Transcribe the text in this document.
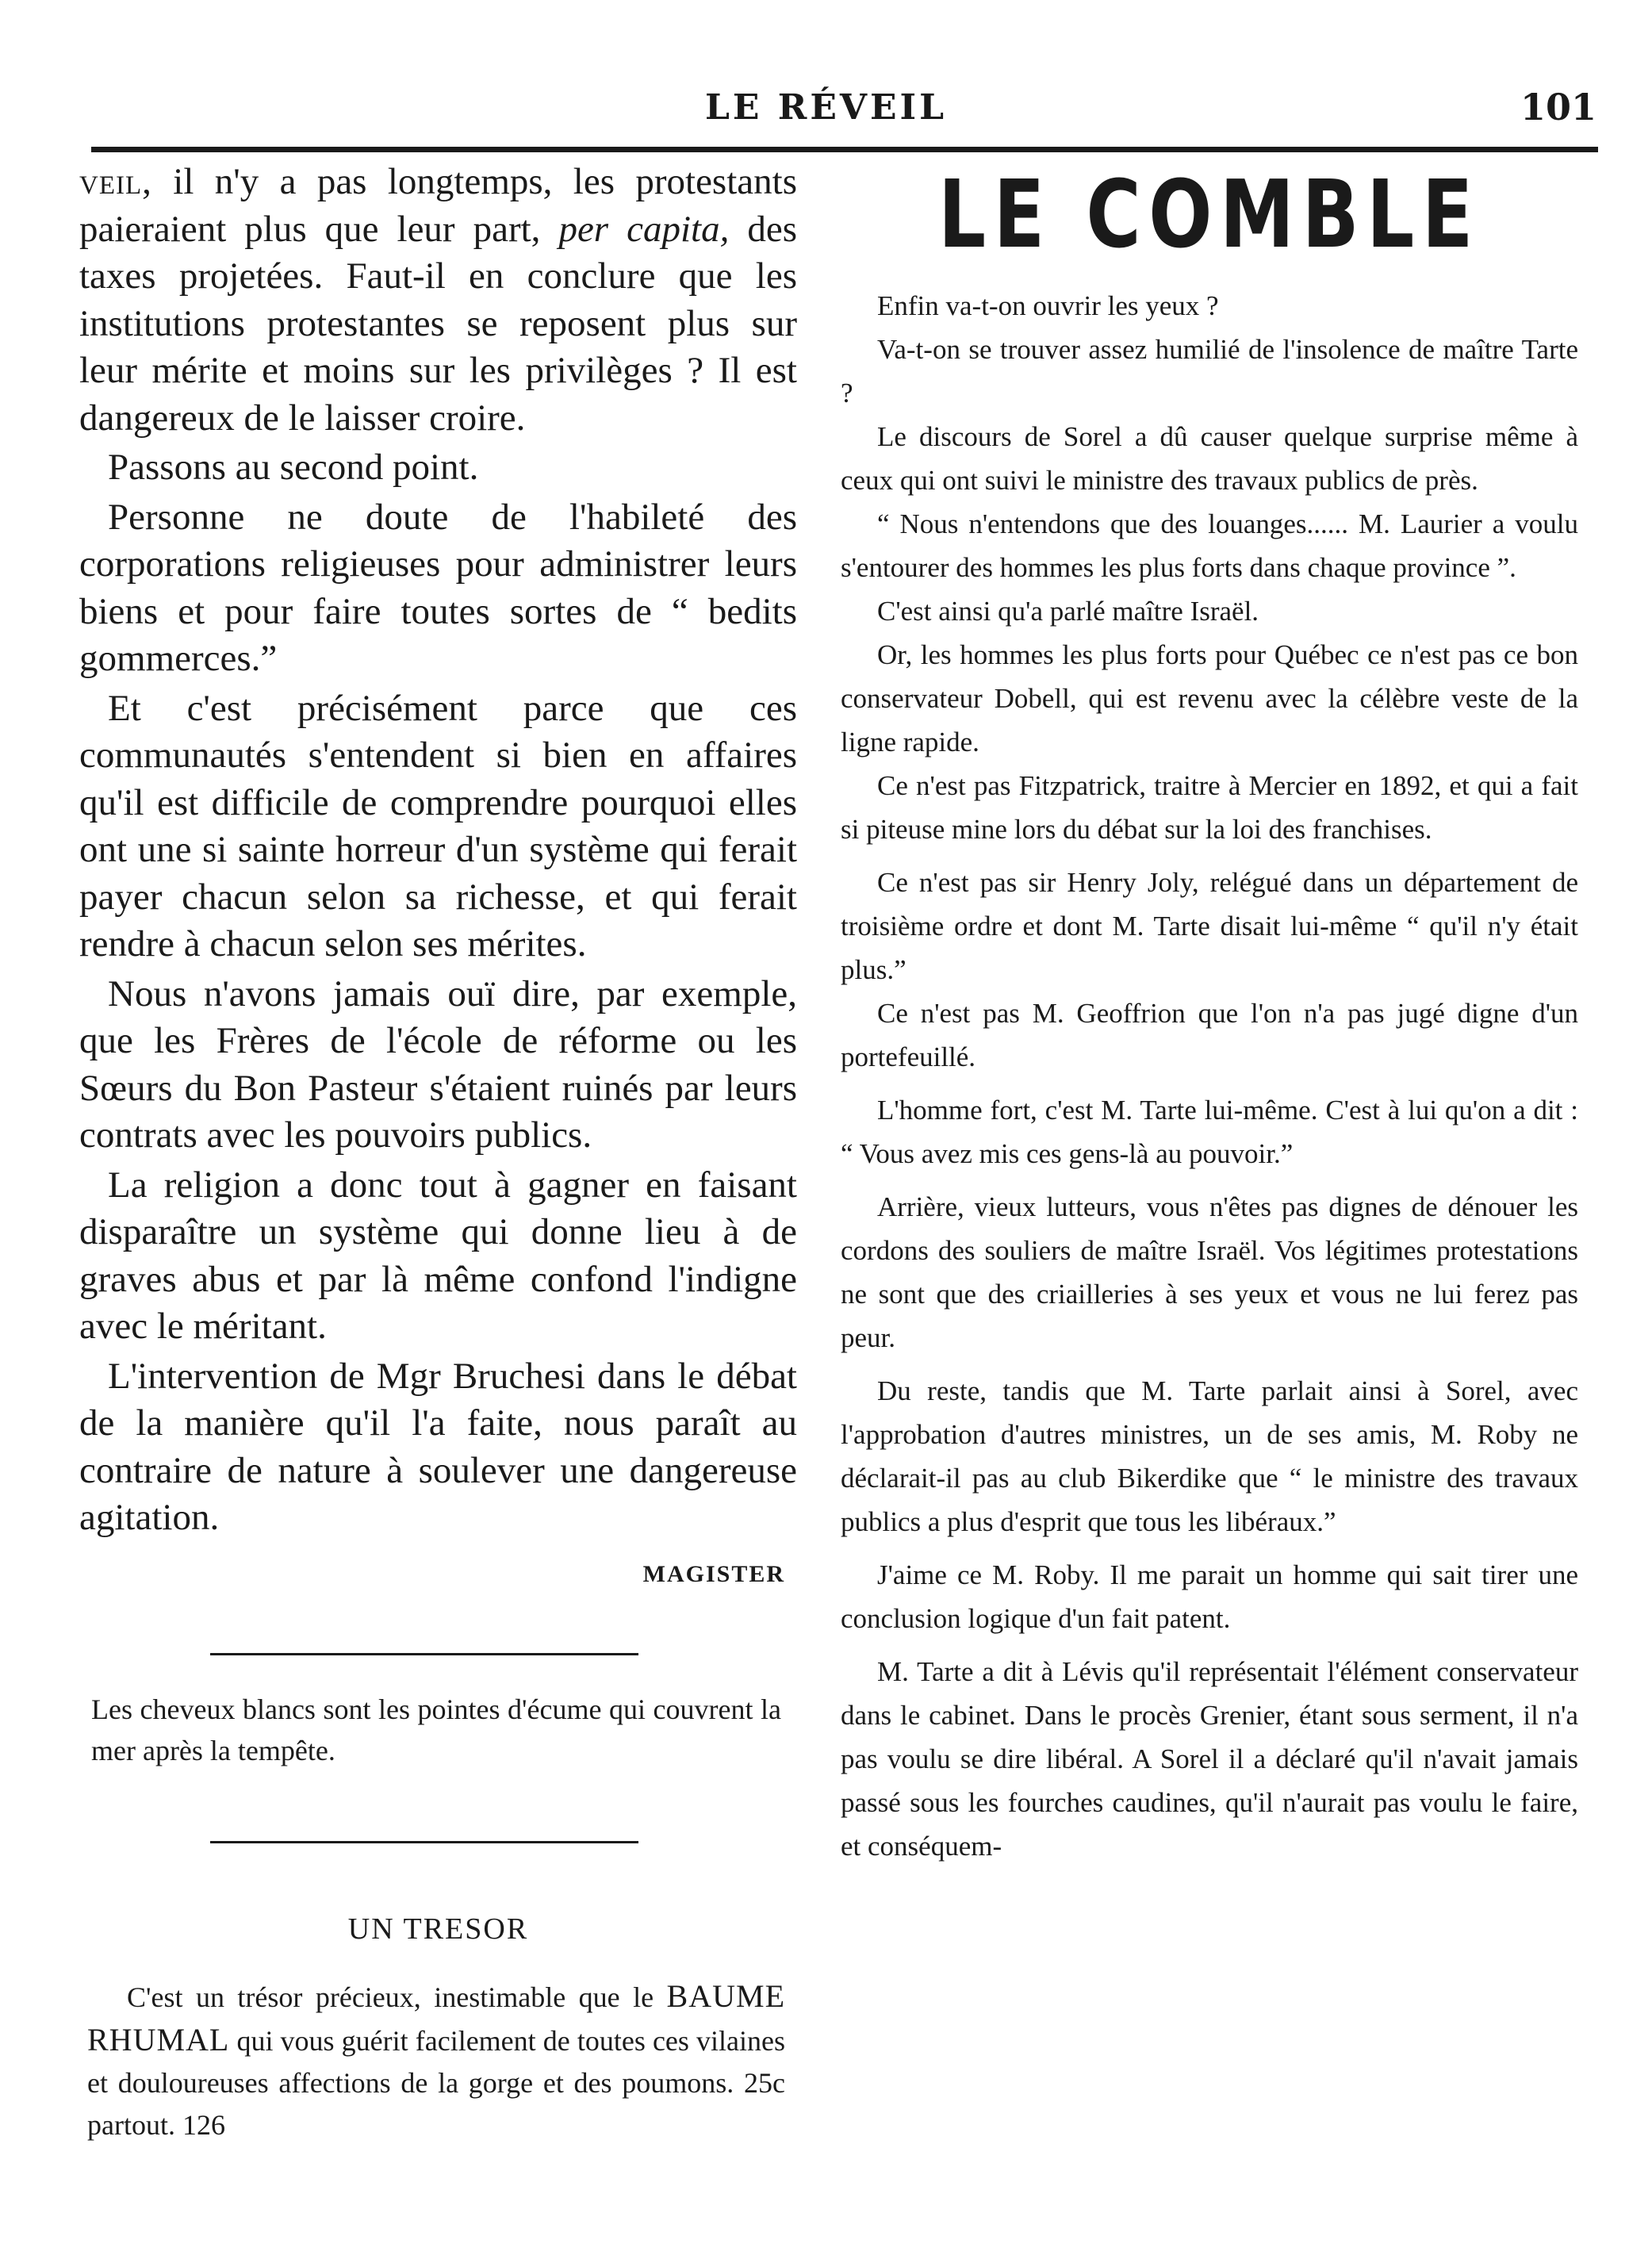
LE RÉVEIL	101

veil, il n'y a pas longtemps, les protestants paieraient plus que leur part, per capita, des taxes projetées. Faut-il en conclure que les institutions protestantes se reposent plus sur leur mérite et moins sur les privilèges ? Il est dangereux de le laisser croire.

Passons au second point.

Personne ne doute de l'habileté des corporations religieuses pour administrer leurs biens et pour faire toutes sortes de “ bedits gommerces.”

Et c'est précisément parce que ces communautés s'entendent si bien en affaires qu'il est difficile de comprendre pourquoi elles ont une si sainte horreur d'un système qui ferait payer chacun selon sa richesse, et qui ferait rendre à chacun selon ses mérites.

Nous n'avons jamais ouï dire, par exemple, que les Frères de l'école de réforme ou les Sœurs du Bon Pasteur s'étaient ruinés par leurs contrats avec les pouvoirs publics.

La religion a donc tout à gagner en faisant disparaître un système qui donne lieu à de graves abus et par là même confond l'indigne avec le méritant.

L'intervention de Mgr Bruchesi dans le débat de la manière qu'il l'a faite, nous paraît au contraire de nature à soulever une dangereuse agitation.

MAGISTER

Les cheveux blancs sont les pointes d'écume qui couvrent la mer après la tempête.

UN TRESOR

C'est un trésor précieux, inestimable que le BAUME RHUMAL qui vous guérit facilement de toutes ces vilaines et douloureuses affections de la gorge et des poumons. 25c partout. 126

LE COMBLE

Enfin va-t-on ouvrir les yeux ?

Va-t-on se trouver assez humilié de l'insolence de maître Tarte ?

Le discours de Sorel a dû causer quelque surprise même à ceux qui ont suivi le ministre des travaux publics de près.

“ Nous n'entendons que des louanges...... M. Laurier a voulu s'entourer des hommes les plus forts dans chaque province ”.

C'est ainsi qu'a parlé maître Israël.

Or, les hommes les plus forts pour Québec ce n'est pas ce bon conservateur Dobell, qui est revenu avec la célèbre veste de la ligne rapide.

Ce n'est pas Fitzpatrick, traitre à Mercier en 1892, et qui a fait si piteuse mine lors du débat sur la loi des franchises.

Ce n'est pas sir Henry Joly, relégué dans un département de troisième ordre et dont M. Tarte disait lui-même “ qu'il n'y était plus.”

Ce n'est pas M. Geoffrion que l'on n'a pas jugé digne d'un portefeuillé.

L'homme fort, c'est M. Tarte lui-même. C'est à lui qu'on a dit : “ Vous avez mis ces gens-là au pouvoir.”

Arrière, vieux lutteurs, vous n'êtes pas dignes de dénouer les cordons des souliers de maître Israël. Vos légitimes protestations ne sont que des criailleries à ses yeux et vous ne lui ferez pas peur.

Du reste, tandis que M. Tarte parlait ainsi à Sorel, avec l'approbation d'autres ministres, un de ses amis, M. Roby ne déclarait-il pas au club Bikerdike que “ le ministre des travaux publics a plus d'esprit que tous les libéraux.”

J'aime ce M. Roby. Il me parait un homme qui sait tirer une conclusion logique d'un fait patent.

M. Tarte a dit à Lévis qu'il représentait l'élément conservateur dans le cabinet. Dans le procès Grenier, étant sous serment, il n'a pas voulu se dire libéral. A Sorel il a déclaré qu'il n'avait jamais passé sous les fourches caudines, qu'il n'aurait pas voulu le faire, et conséquem-
